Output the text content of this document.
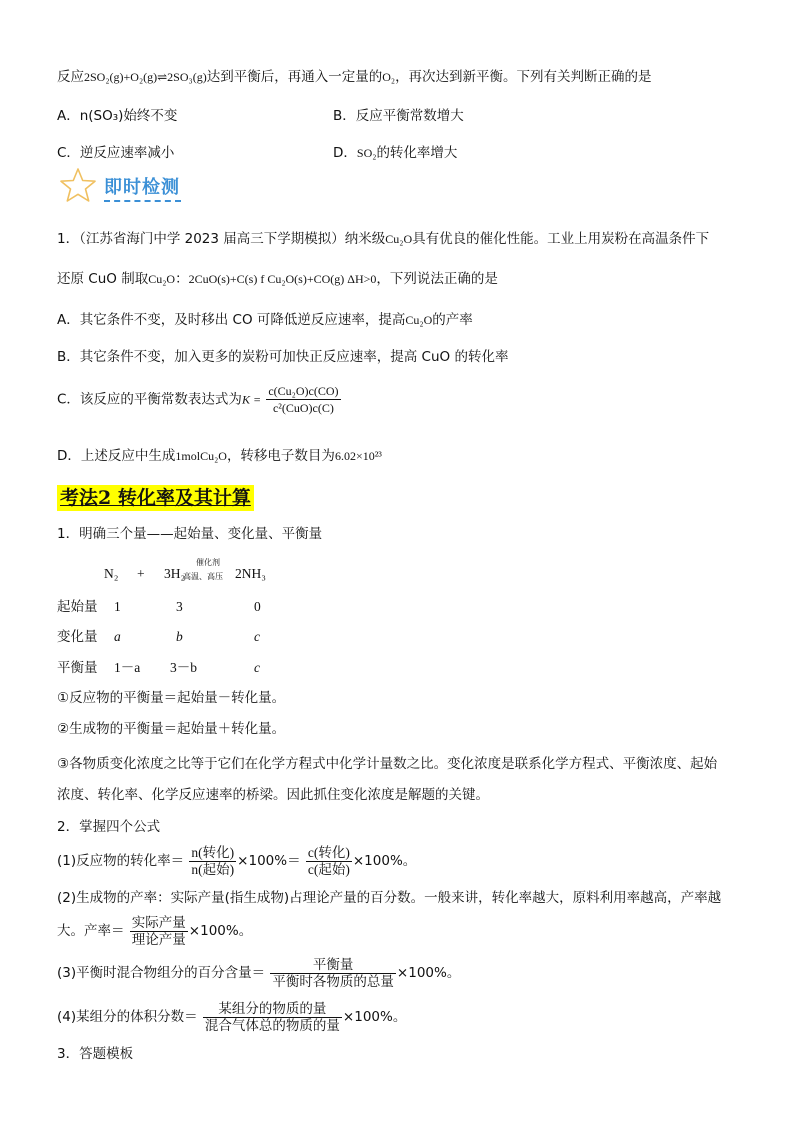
反应2SO₂(g)+O₂(g)⇌2SO₃(g)达到平衡后，再通入一定量的O₂，再次达到新平衡。下列有关判断正确的是
A．n(SO₃)始终不变	B．反应平衡常数增大
C．逆反应速率减小	D．SO₂的转化率增大
即时检测
1．（江苏省海门中学 2023 届高三下学期模拟）纳米级Cu₂O具有优良的催化性能。工业上用炭粉在高温条件下
还原 CuO 制取Cu₂O：2CuO(s)+C(s) f Cu₂O(s)+CO(g) ΔH>0，下列说法正确的是
A．其它条件不变，及时移出 CO 可降低逆反应速率，提高Cu₂O的产率
B．其它条件不变，加入更多的炭粉可加快正反应速率，提高 CuO 的转化率
C．该反应的平衡常数表达式为$K = \frac{\text{c(Cu₂O)c(CO)}}{\text{c²(CuO)c(C)}}$
D．上述反应中生成1molCu₂O，转移电子数目为6.02×10²³
考法2 转化率及其计算
1．明确三个量——起始量、变化量、平衡量
N₂ + 3H₂
催化剂
高温、高压 2NH₃
起始量 1	3	0
变化量 a	b	c
平衡量 1－a 3－b	c
①反应物的平衡量＝起始量－转化量。
②生成物的平衡量＝起始量＋转化量。
③各物质变化浓度之比等于它们在化学方程式中化学计量数之比。变化浓度是联系化学方程式、平衡浓度、起始
浓度、转化率、化学反应速率的桥梁。因此抓住变化浓度是解题的关键。
2．掌握四个公式
(1)反应物的转化率＝ $\frac{\text{n(转化)}}{\text{n(起始)}} \times 100\%= \frac{\text{c(转化)}}{\text{c(起始)}} \times 100\%$。
(2)生成物的产率：实际产量(指生成物)占理论产量的百分数。一般来讲，转化率越大，原料利用率越高，产率越
大。产率＝ $\frac{\text{实际产量}}{\text{理论产量}} \times 100\%$。
(3)平衡时混合物组分的百分含量＝ $\frac{\text{平衡量}}{\text{平衡时各物质的总量}} \times 100\%$。
(4)某组分的体积分数＝ $\frac{\text{某组分的物质的量}}{\text{混合气体总的物质的量}} \times 100\%$。
3．答题模板
